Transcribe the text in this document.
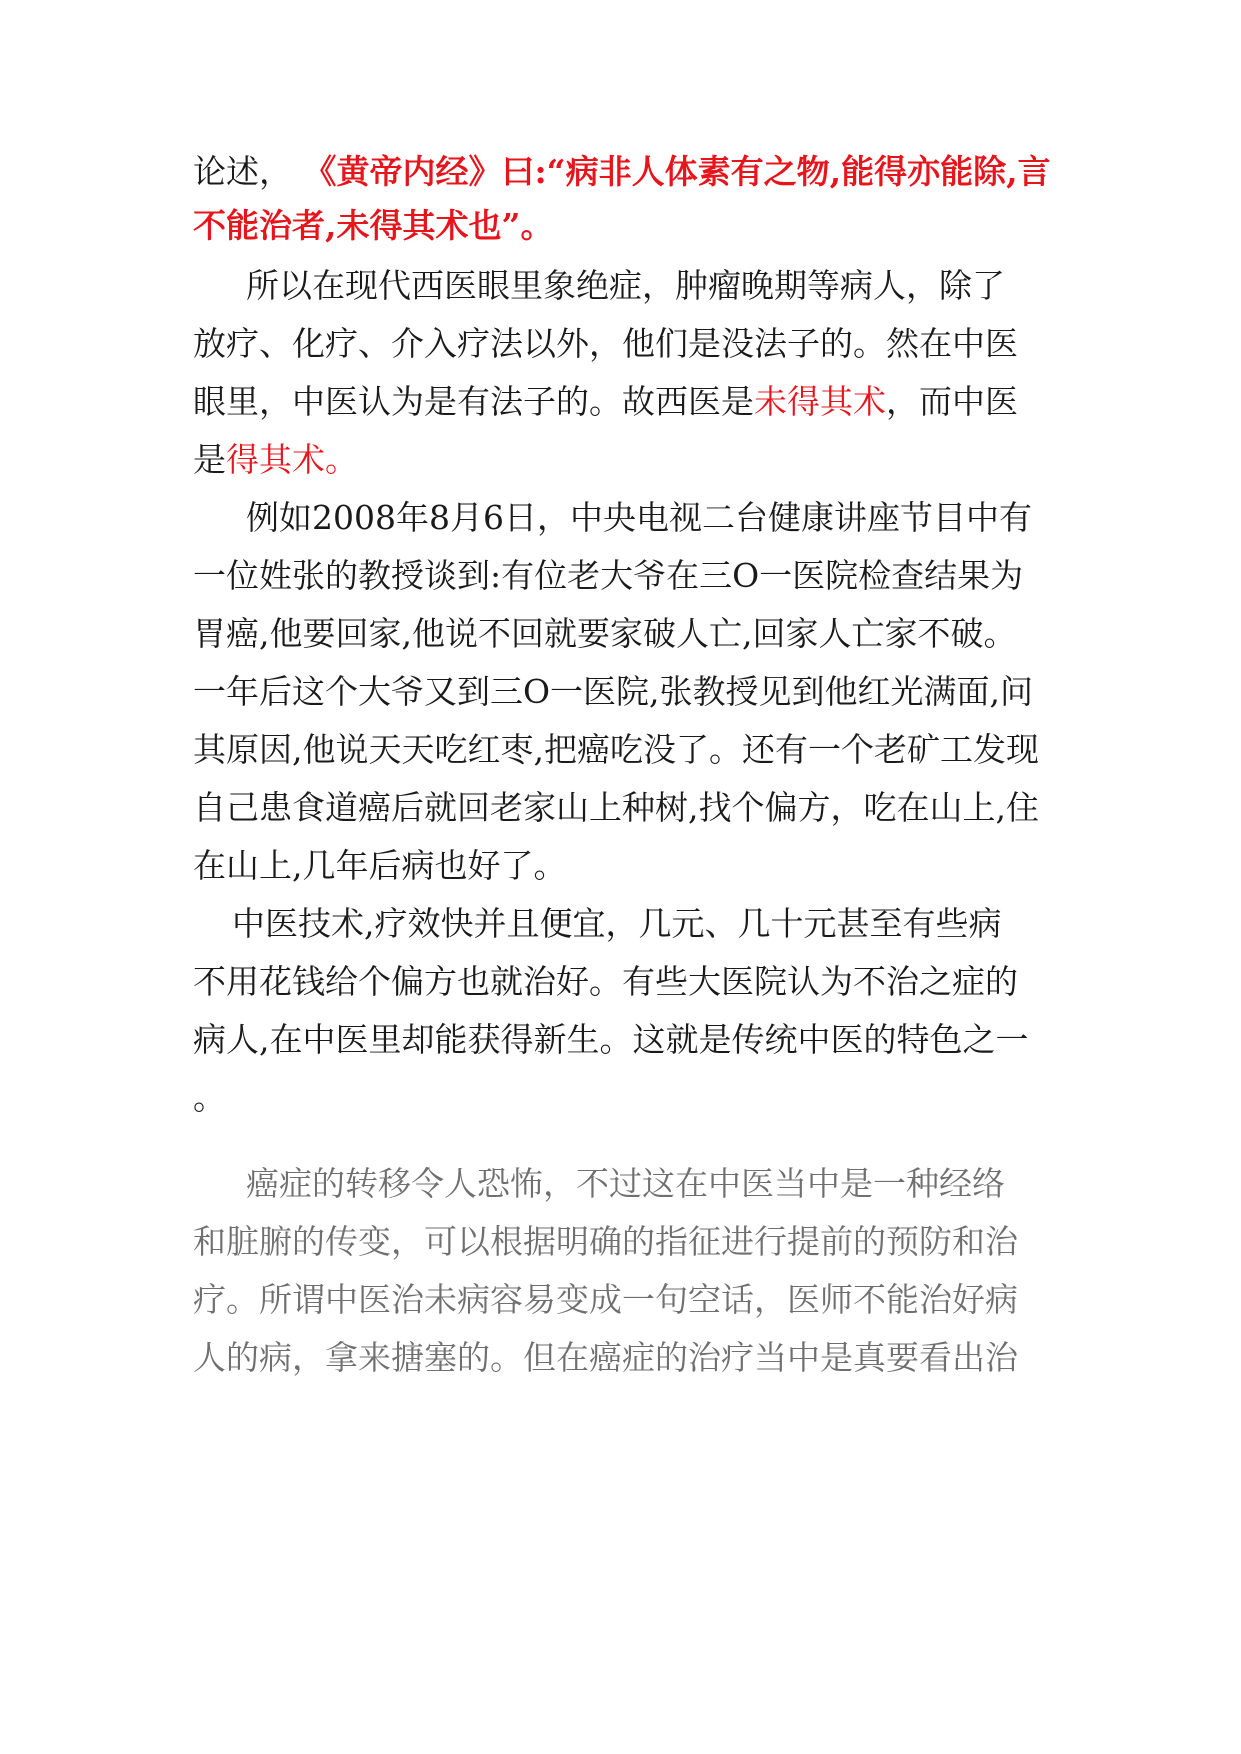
论述， 《黄帝内经》曰:“病非人体素有之物,能得亦能除,言
不能治者,未得其术也”。
所以在现代西医眼里象绝症，肿瘤晚期等病人，除了
放疗、化疗、介入疗法以外，他们是没法子的。然在中医
眼里，中医认为是有法子的。故西医是未得其术，而中医
是得其术。
例如2008年8月6日，中央电视二台健康讲座节目中有
一位姓张的教授谈到:有位老大爷在三O一医院检查结果为
胃癌,他要回家,他说不回就要家破人亡,回家人亡家不破。
一年后这个大爷又到三O一医院,张教授见到他红光满面,问
其原因,他说天天吃红枣,把癌吃没了。还有一个老矿工发现
自己患食道癌后就回老家山上种树,找个偏方，吃在山上,住
在山上,几年后病也好了。
中医技术,疗效快并且便宜，几元、几十元甚至有些病
不用花钱给个偏方也就治好。有些大医院认为不治之症的
病人,在中医里却能获得新生。这就是传统中医的特色之一
。
癌症的转移令人恐怖，不过这在中医当中是一种经络
和脏腑的传变，可以根据明确的指征进行提前的预防和治
疗。所谓中医治未病容易变成一句空话，医师不能治好病
人的病，拿来搪塞的。但在癌症的治疗当中是真要看出治
